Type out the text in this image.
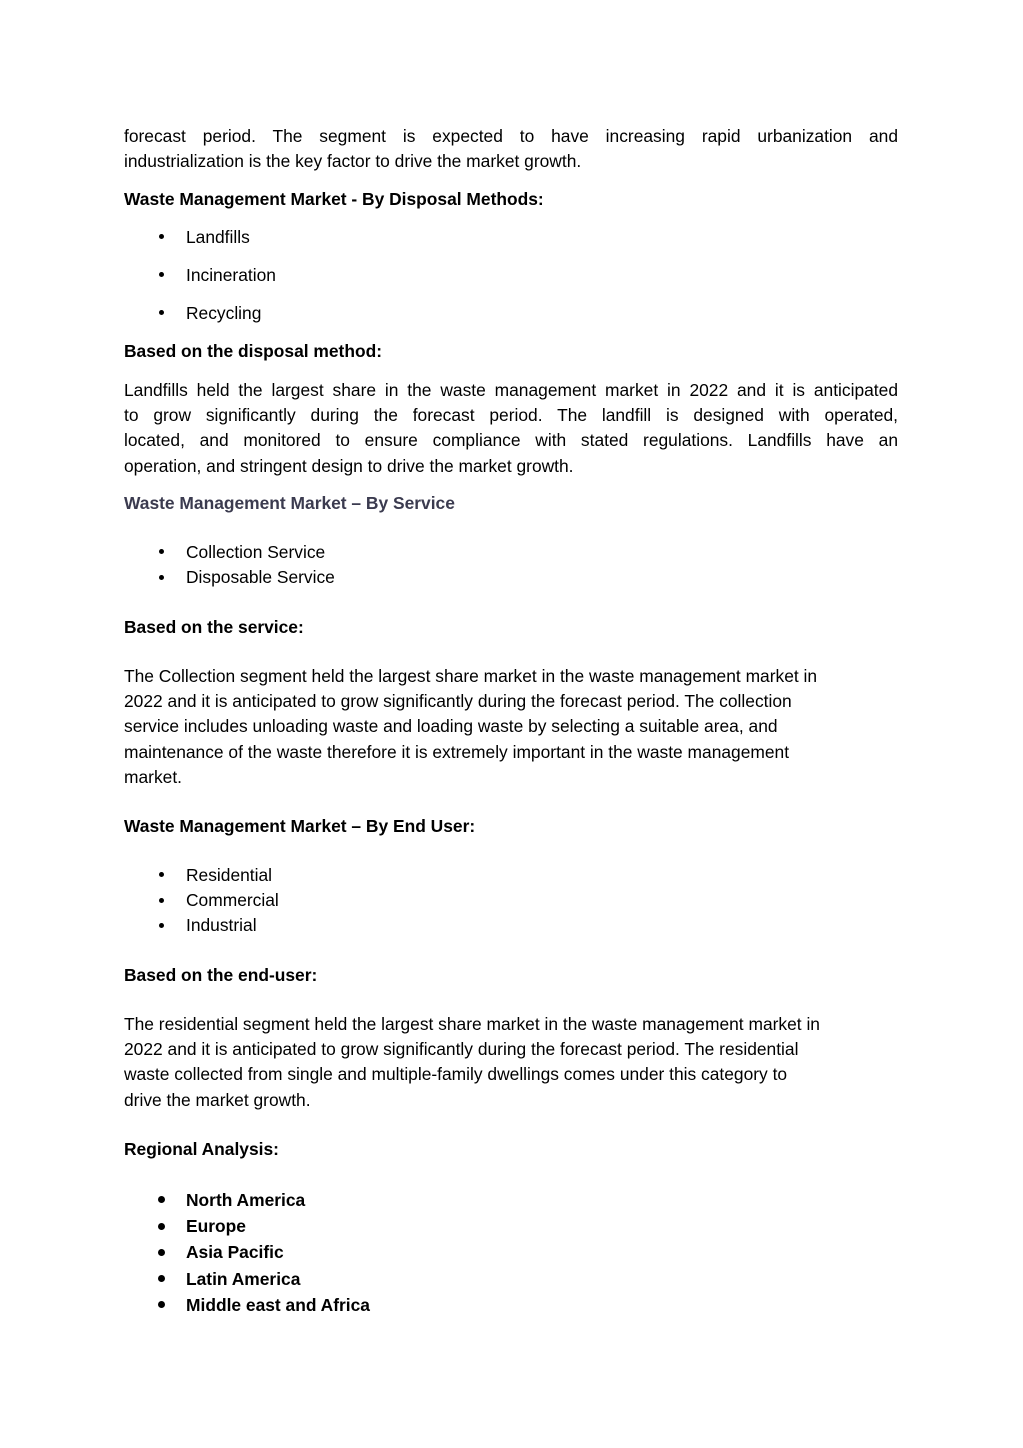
forecast period. The segment is expected to have increasing rapid urbanization and

industrialization is the key factor to drive the market growth.

Waste Management Market - By Disposal Methods:

Landfills
Incineration
Recycling

Based on the disposal method:

Landfills held the largest share in the waste management market in 2022 and it is anticipated

to grow significantly during the forecast period. The landfill is designed with operated,

located, and monitored to ensure compliance with stated regulations. Landfills have an

operation, and stringent design to drive the market growth.

Waste Management Market – By Service

Collection Service
Disposable Service

Based on the service:

The Collection segment held the largest share market in the waste management market in

2022 and it is anticipated to grow significantly during the forecast period. The collection

service includes unloading waste and loading waste by selecting a suitable area, and

maintenance of the waste therefore it is extremely important in the waste management

market.

Waste Management Market – By End User:

Residential
Commercial
Industrial

Based on the end-user:

The residential segment held the largest share market in the waste management market in

2022 and it is anticipated to grow significantly during the forecast period. The residential

waste collected from single and multiple-family dwellings comes under this category to

drive the market growth.

Regional Analysis:

North America
Europe
Asia Pacific
Latin America
Middle east and Africa
